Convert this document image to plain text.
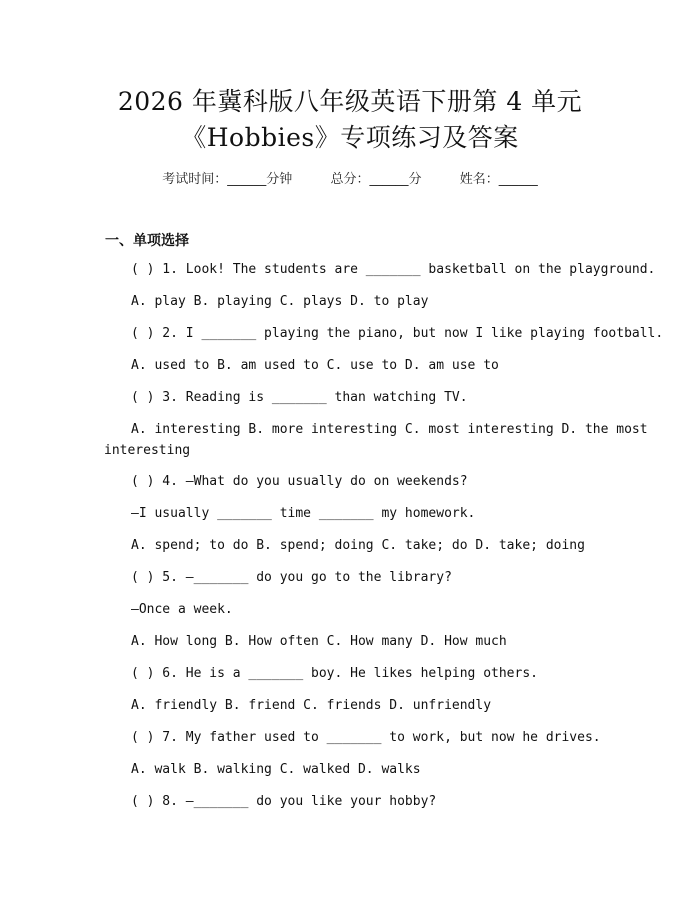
2026 年冀科版八年级英语下册第 4 单元
《Hobbies》专项练习及答案
考试时间：______分钟	总分：______分	姓名：______
一、单项选择
( ) 1. Look! The students are _______ basketball on the playground.
A. play B. playing C. plays D. to play
( ) 2. I _______ playing the piano, but now I like playing football.
A. used to B. am used to C. use to D. am use to
( ) 3. Reading is _______ than watching TV.
A. interesting B. more interesting C. most interesting D. the most
interesting
( ) 4. —What do you usually do on weekends?
—I usually _______ time _______ my homework.
A. spend; to do B. spend; doing C. take; do D. take; doing
( ) 5. —_______ do you go to the library?
—Once a week.
A. How long B. How often C. How many D. How much
( ) 6. He is a _______ boy. He likes helping others.
A. friendly B. friend C. friends D. unfriendly
( ) 7. My father used to _______ to work, but now he drives.
A. walk B. walking C. walked D. walks
( ) 8. —_______ do you like your hobby?
